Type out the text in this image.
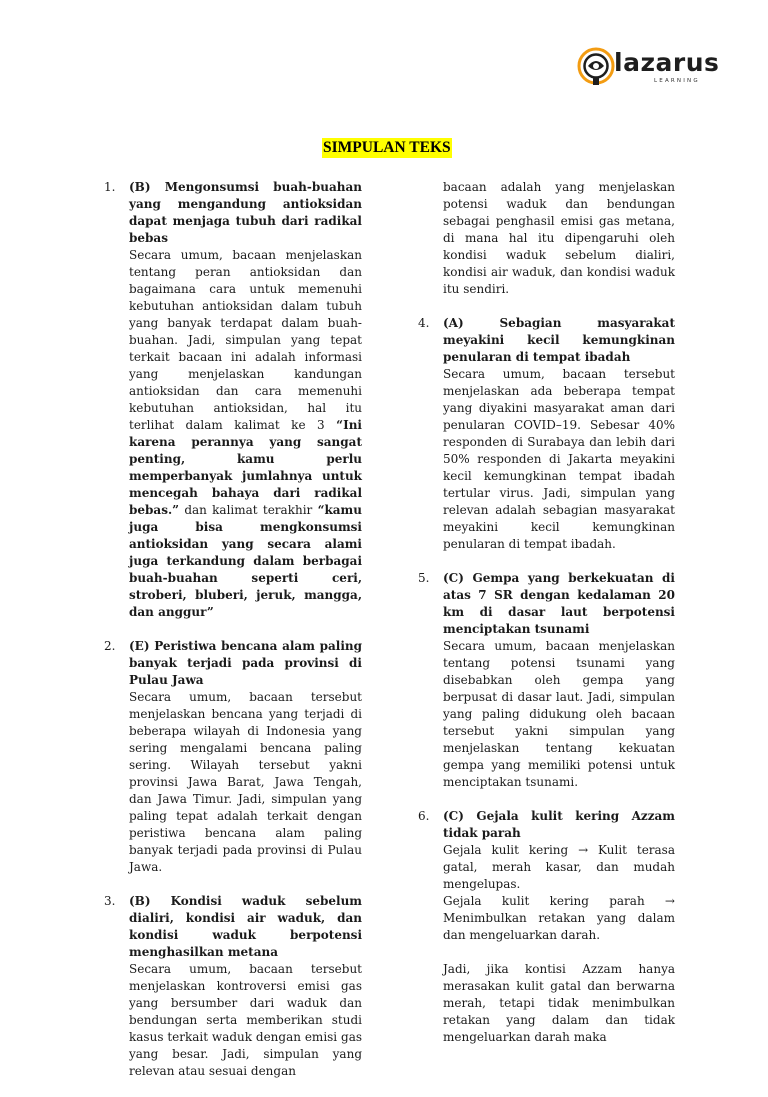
lazarus
LEARNING
SIMPULAN TEKS
1. (B) Mengonsumsi buah-buahan yang mengandung antioksidan dapat menjaga tubuh dari radikal bebas
Secara umum, bacaan menjelaskan tentang peran antioksidan dan bagaimana cara untuk memenuhi kebutuhan antioksidan dalam tubuh yang banyak terdapat dalam buah-buahan. Jadi, simpulan yang tepat terkait bacaan ini adalah informasi yang menjelaskan kandungan antioksidan dan cara memenuhi kebutuhan antioksidan, hal itu terlihat dalam kalimat ke 3 “Ini karena perannya yang sangat penting, kamu perlu memperbanyak jumlahnya untuk mencegah bahaya dari radikal bebas.” dan kalimat terakhir “kamu juga bisa mengkonsumsi antioksidan yang secara alami juga terkandung dalam berbagai buah-buahan seperti ceri, stroberi, bluberi, jeruk, mangga, dan anggur”
2. (E) Peristiwa bencana alam paling banyak terjadi pada provinsi di Pulau Jawa
Secara umum, bacaan tersebut menjelaskan bencana yang terjadi di beberapa wilayah di Indonesia yang sering mengalami bencana paling sering. Wilayah tersebut yakni provinsi Jawa Barat, Jawa Tengah, dan Jawa Timur. Jadi, simpulan yang paling tepat adalah terkait dengan peristiwa bencana alam paling banyak terjadi pada provinsi di Pulau Jawa.
3. (B) Kondisi waduk sebelum dialiri, kondisi air waduk, dan kondisi waduk berpotensi menghasilkan metana
Secara umum, bacaan tersebut menjelaskan kontroversi emisi gas yang bersumber dari waduk dan bendungan serta memberikan studi kasus terkait waduk dengan emisi gas yang besar. Jadi, simpulan yang relevan atau sesuai dengan
bacaan adalah yang menjelaskan potensi waduk dan bendungan sebagai penghasil emisi gas metana, di mana hal itu dipengaruhi oleh kondisi waduk sebelum dialiri, kondisi air waduk, dan kondisi waduk itu sendiri.
4. (A) Sebagian masyarakat meyakini kecil kemungkinan penularan di tempat ibadah
Secara umum, bacaan tersebut menjelaskan ada beberapa tempat yang diyakini masyarakat aman dari penularan COVID–19. Sebesar 40% responden di Surabaya dan lebih dari 50% responden di Jakarta meyakini kecil kemungkinan tempat ibadah tertular virus. Jadi, simpulan yang relevan adalah sebagian masyarakat meyakini kecil kemungkinan penularan di tempat ibadah.
5. (C) Gempa yang berkekuatan di atas 7 SR dengan kedalaman 20 km di dasar laut berpotensi menciptakan tsunami
Secara umum, bacaan menjelaskan tentang potensi tsunami yang disebabkan oleh gempa yang berpusat di dasar laut. Jadi, simpulan yang paling didukung oleh bacaan tersebut yakni simpulan yang menjelaskan tentang kekuatan gempa yang memiliki potensi untuk menciptakan tsunami.
6. (C) Gejala kulit kering Azzam tidak parah
Gejala kulit kering → Kulit terasa gatal, merah kasar, dan mudah mengelupas.
Gejala kulit kering parah → Menimbulkan retakan yang dalam dan mengeluarkan darah.
Jadi, jika kontisi Azzam hanya merasakan kulit gatal dan berwarna merah, tetapi tidak menimbulkan retakan yang dalam dan tidak mengeluarkan darah maka
